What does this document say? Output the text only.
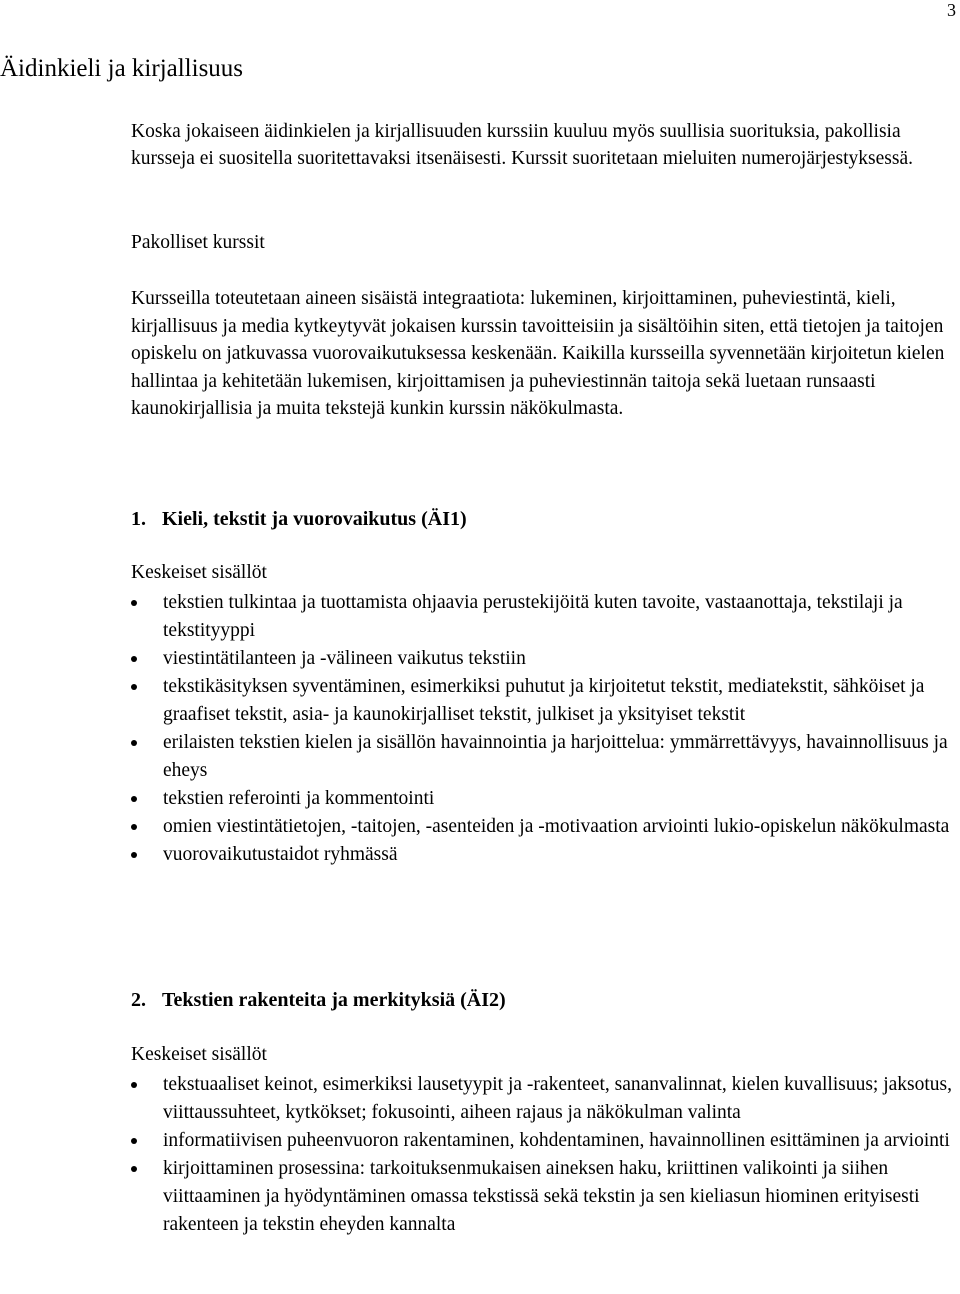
3
Äidinkieli ja kirjallisuus

Koska jokaiseen äidinkielen ja kirjallisuuden kurssiin kuuluu myös suullisia suorituksia, pakollisia kursseja ei suositella suoritettavaksi itsenäisesti. Kurssit suoritetaan mieluiten numerojärjestyksessä.

Pakolliset kurssit

Kursseilla toteutetaan aineen sisäistä integraatiota: lukeminen, kirjoittaminen, puheviestintä, kieli, kirjallisuus ja media kytkeytyvät jokaisen kurssin tavoitteisiin ja sisältöihin siten, että tietojen ja taitojen opiskelu on jatkuvassa vuorovaikutuksessa keskenään. Kaikilla kursseilla syvennetään kirjoitetun kielen hallintaa ja kehitetään lukemisen, kirjoittamisen ja puheviestinnän taitoja sekä luetaan runsaasti kaunokirjallisia ja muita tekstejä kunkin kurssin näkökulmasta.

1. Kieli, tekstit ja vuorovaikutus (ÄI1)

Keskeiset sisällöt

tekstien tulkintaa ja tuottamista ohjaavia perustekijöitä kuten tavoite, vastaanottaja, tekstilaji ja tekstityyppi
viestintätilanteen ja -välineen vaikutus tekstiin
tekstikäsityksen syventäminen, esimerkiksi puhutut ja kirjoitetut tekstit, mediatekstit, sähköiset ja graafiset tekstit, asia- ja kaunokirjalliset tekstit, julkiset ja yksityiset tekstit
erilaisten tekstien kielen ja sisällön havainnointia ja harjoittelua: ymmärrettävyys, havainnollisuus ja eheys
tekstien referointi ja kommentointi
omien viestintätietojen, -taitojen, -asenteiden ja -motivaation arviointi lukio-opiskelun näkökulmasta
vuorovaikutustaidot ryhmässä
2. Tekstien rakenteita ja merkityksiä (ÄI2)

Keskeiset sisällöt

tekstuaaliset keinot, esimerkiksi lausetyypit ja -rakenteet, sananvalinnat, kielen kuvallisuus; jaksotus, viittaussuhteet, kytkökset; fokusointi, aiheen rajaus ja näkökulman valinta
informatiivisen puheenvuoron rakentaminen, kohdentaminen, havainnollinen esittäminen ja arviointi
kirjoittaminen prosessina: tarkoituksenmukaisen aineksen haku, kriittinen valikointi ja siihen viittaaminen ja hyödyntäminen omassa tekstissä sekä tekstin ja sen kieliasun hiominen erityisesti rakenteen ja tekstin eheyden kannalta
